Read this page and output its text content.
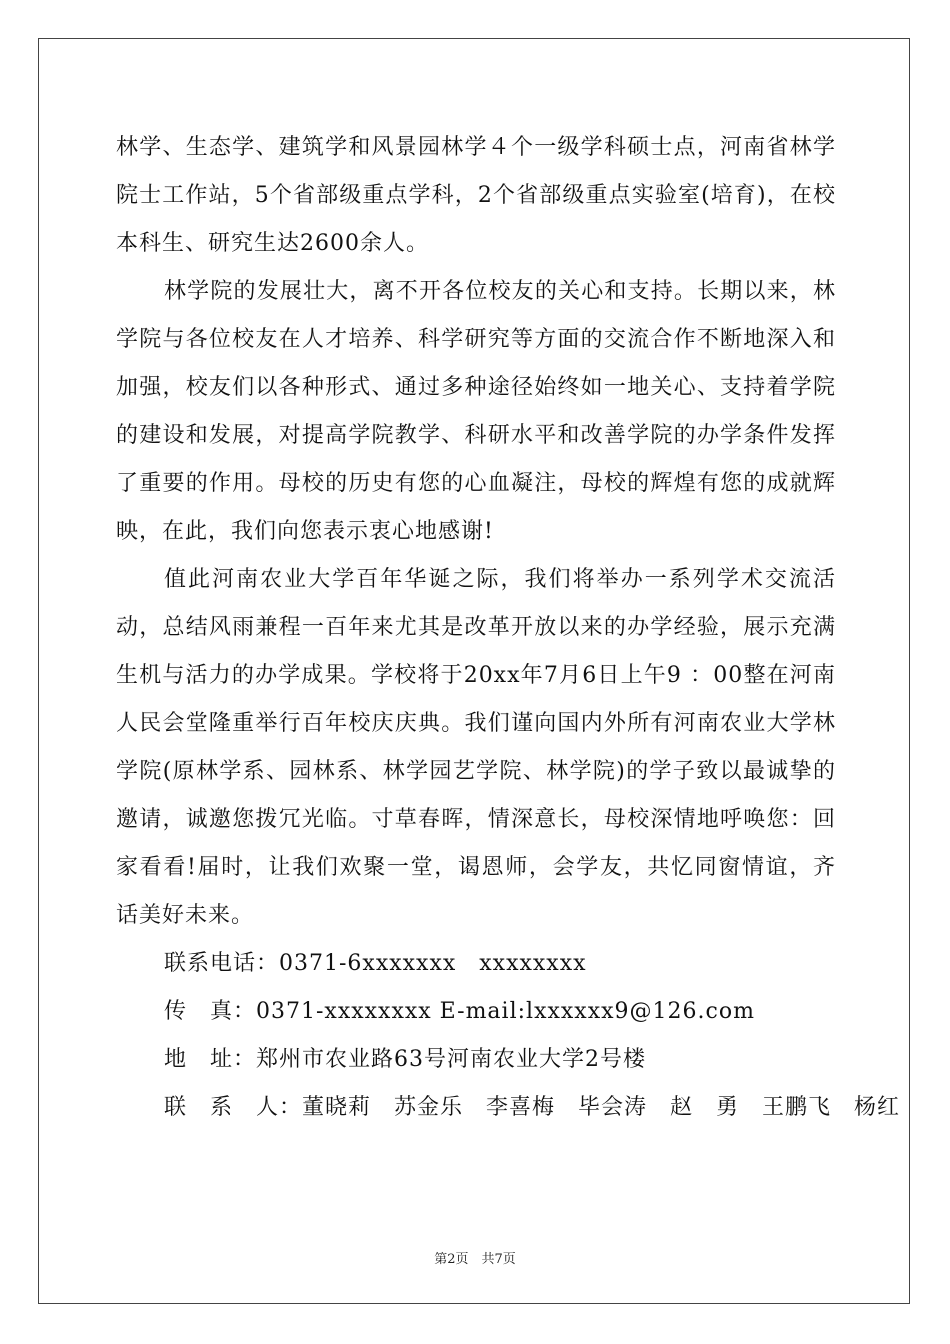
林学、生态学、建筑学和风景园林学４个一级学科硕士点，河南省林学院士工作站，5个省部级重点学科，2个省部级重点实验室(培育)，在校本科生、研究生达2600余人。

林学院的发展壮大，离不开各位校友的关心和支持。长期以来，林学院与各位校友在人才培养、科学研究等方面的交流合作不断地深入和加强，校友们以各种形式、通过多种途径始终如一地关心、支持着学院的建设和发展，对提高学院教学、科研水平和改善学院的办学条件发挥了重要的作用。母校的历史有您的心血凝注，母校的辉煌有您的成就辉映，在此，我们向您表示衷心地感谢!

值此河南农业大学百年华诞之际，我们将举办一系列学术交流活动，总结风雨兼程一百年来尤其是改革开放以来的办学经验，展示充满生机与活力的办学成果。学校将于20xx年7月6日上午9 ：00整在河南人民会堂隆重举行百年校庆庆典。我们谨向国内外所有河南农业大学林学院(原林学系、园林系、林学园艺学院、林学院)的学子致以最诚挚的邀请，诚邀您拨冗光临。寸草春晖，情深意长，母校深情地呼唤您：回家看看!届时，让我们欢聚一堂，谒恩师，会学友，共忆同窗情谊，齐话美好未来。

联系电话：0371-6xxxxxxx　xxxxxxxx

传　真：0371-xxxxxxxx E-mail:lxxxxxx9@126.com

地　址：郑州市农业路63号河南农业大学2号楼

联　系　人：董晓莉　苏金乐　李喜梅　毕会涛　赵　勇　王鹏飞　杨红

第2页　共7页
